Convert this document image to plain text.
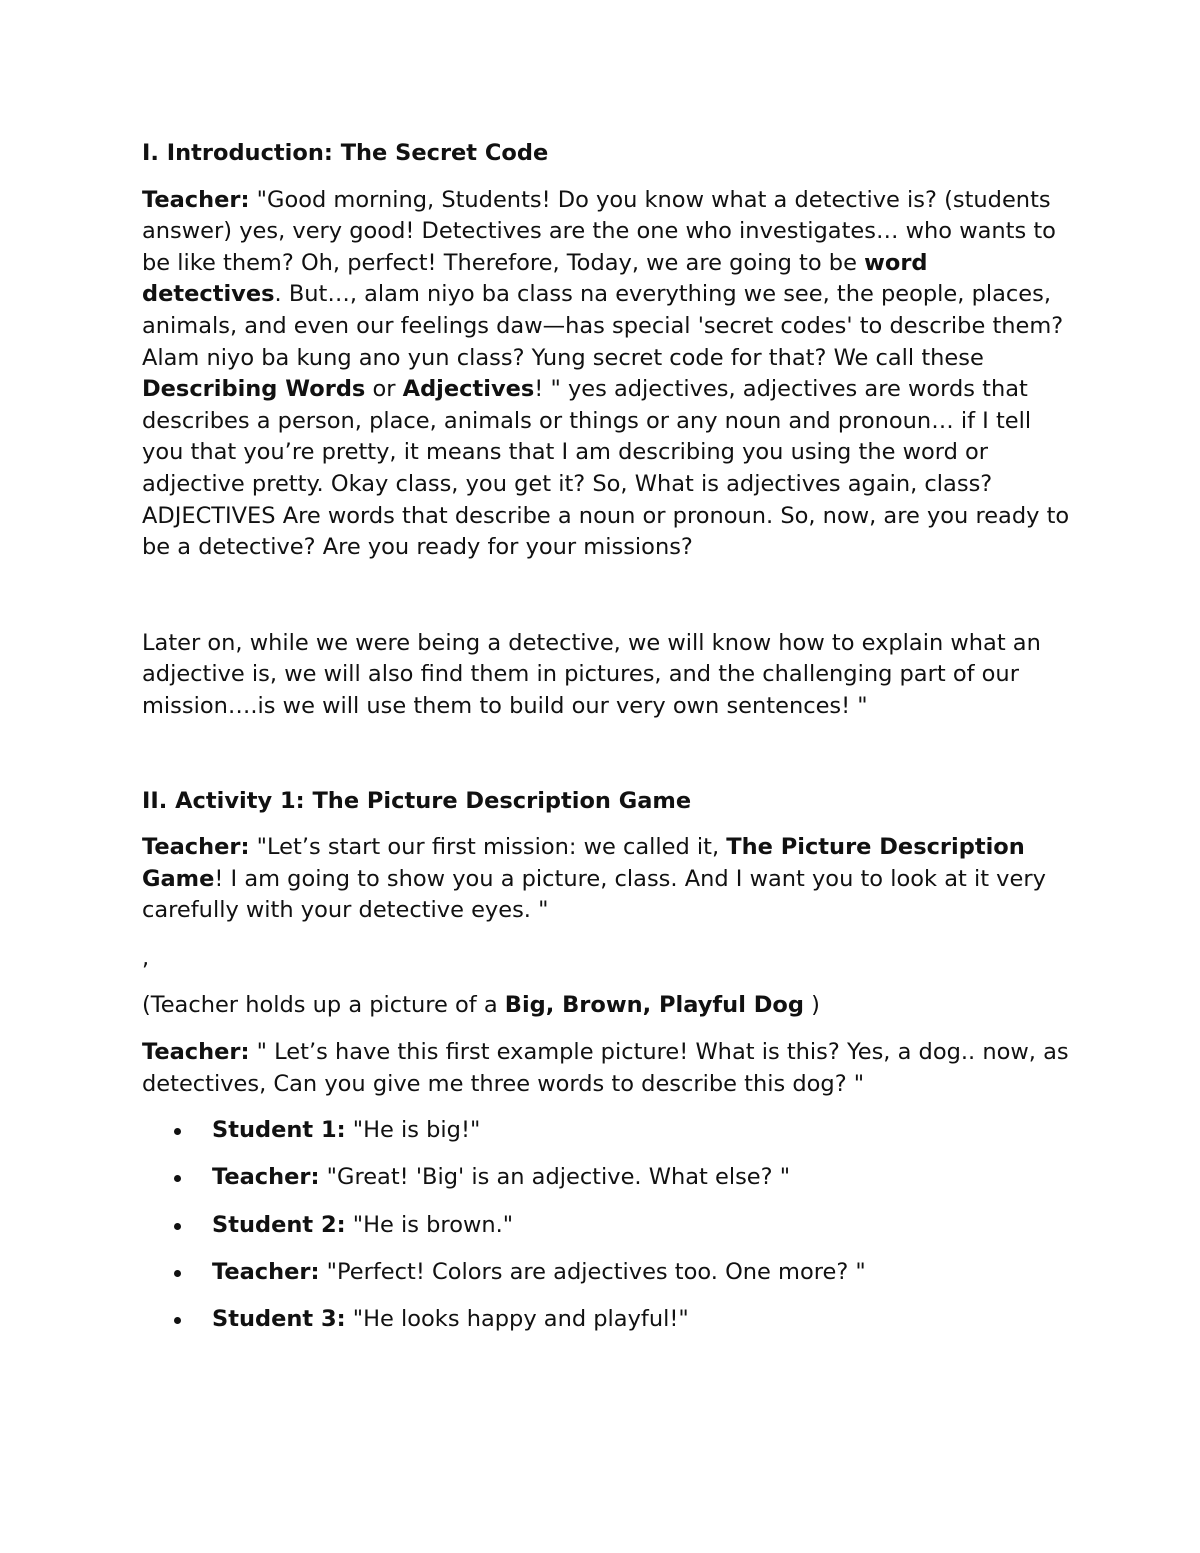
I. Introduction: The Secret Code

Teacher: "Good morning, Students! Do you know what a detective is? (students answer) yes, very good! Detectives are the one who investigates… who wants to be like them? Oh, perfect! Therefore, Today, we are going to be word detectives. But…, alam niyo ba class na everything we see, the people, places, animals, and even our feelings daw—has special 'secret codes' to describe them? Alam niyo ba kung ano yun class? Yung secret code for that? We call these Describing Words or Adjectives! " yes adjectives, adjectives are words that describes a person, place, animals or things or any noun and pronoun… if I tell you that you’re pretty, it means that I am describing you using the word or adjective pretty. Okay class, you get it? So, What is adjectives again, class? ADJECTIVES Are words that describe a noun or pronoun. So, now, are you ready to be a detective? Are you ready for your missions?

Later on, while we were being a detective, we will know how to explain what an adjective is, we will also find them in pictures, and the challenging part of our mission….is we will use them to build our very own sentences! "

II. Activity 1: The Picture Description Game

Teacher: "Let’s start our first mission: we called it, The Picture Description Game! I am going to show you a picture, class. And I want you to look at it very carefully with your detective eyes. "

,

(Teacher holds up a picture of a Big, Brown, Playful Dog )

Teacher: " Let’s have this first example picture! What is this? Yes, a dog.. now, as detectives, Can you give me three words to describe this dog? "

Student 1: "He is big!"
Teacher: "Great! 'Big' is an adjective. What else? "
Student 2: "He is brown."
Teacher: "Perfect! Colors are adjectives too. One more? "
Student 3: "He looks happy and playful!"
